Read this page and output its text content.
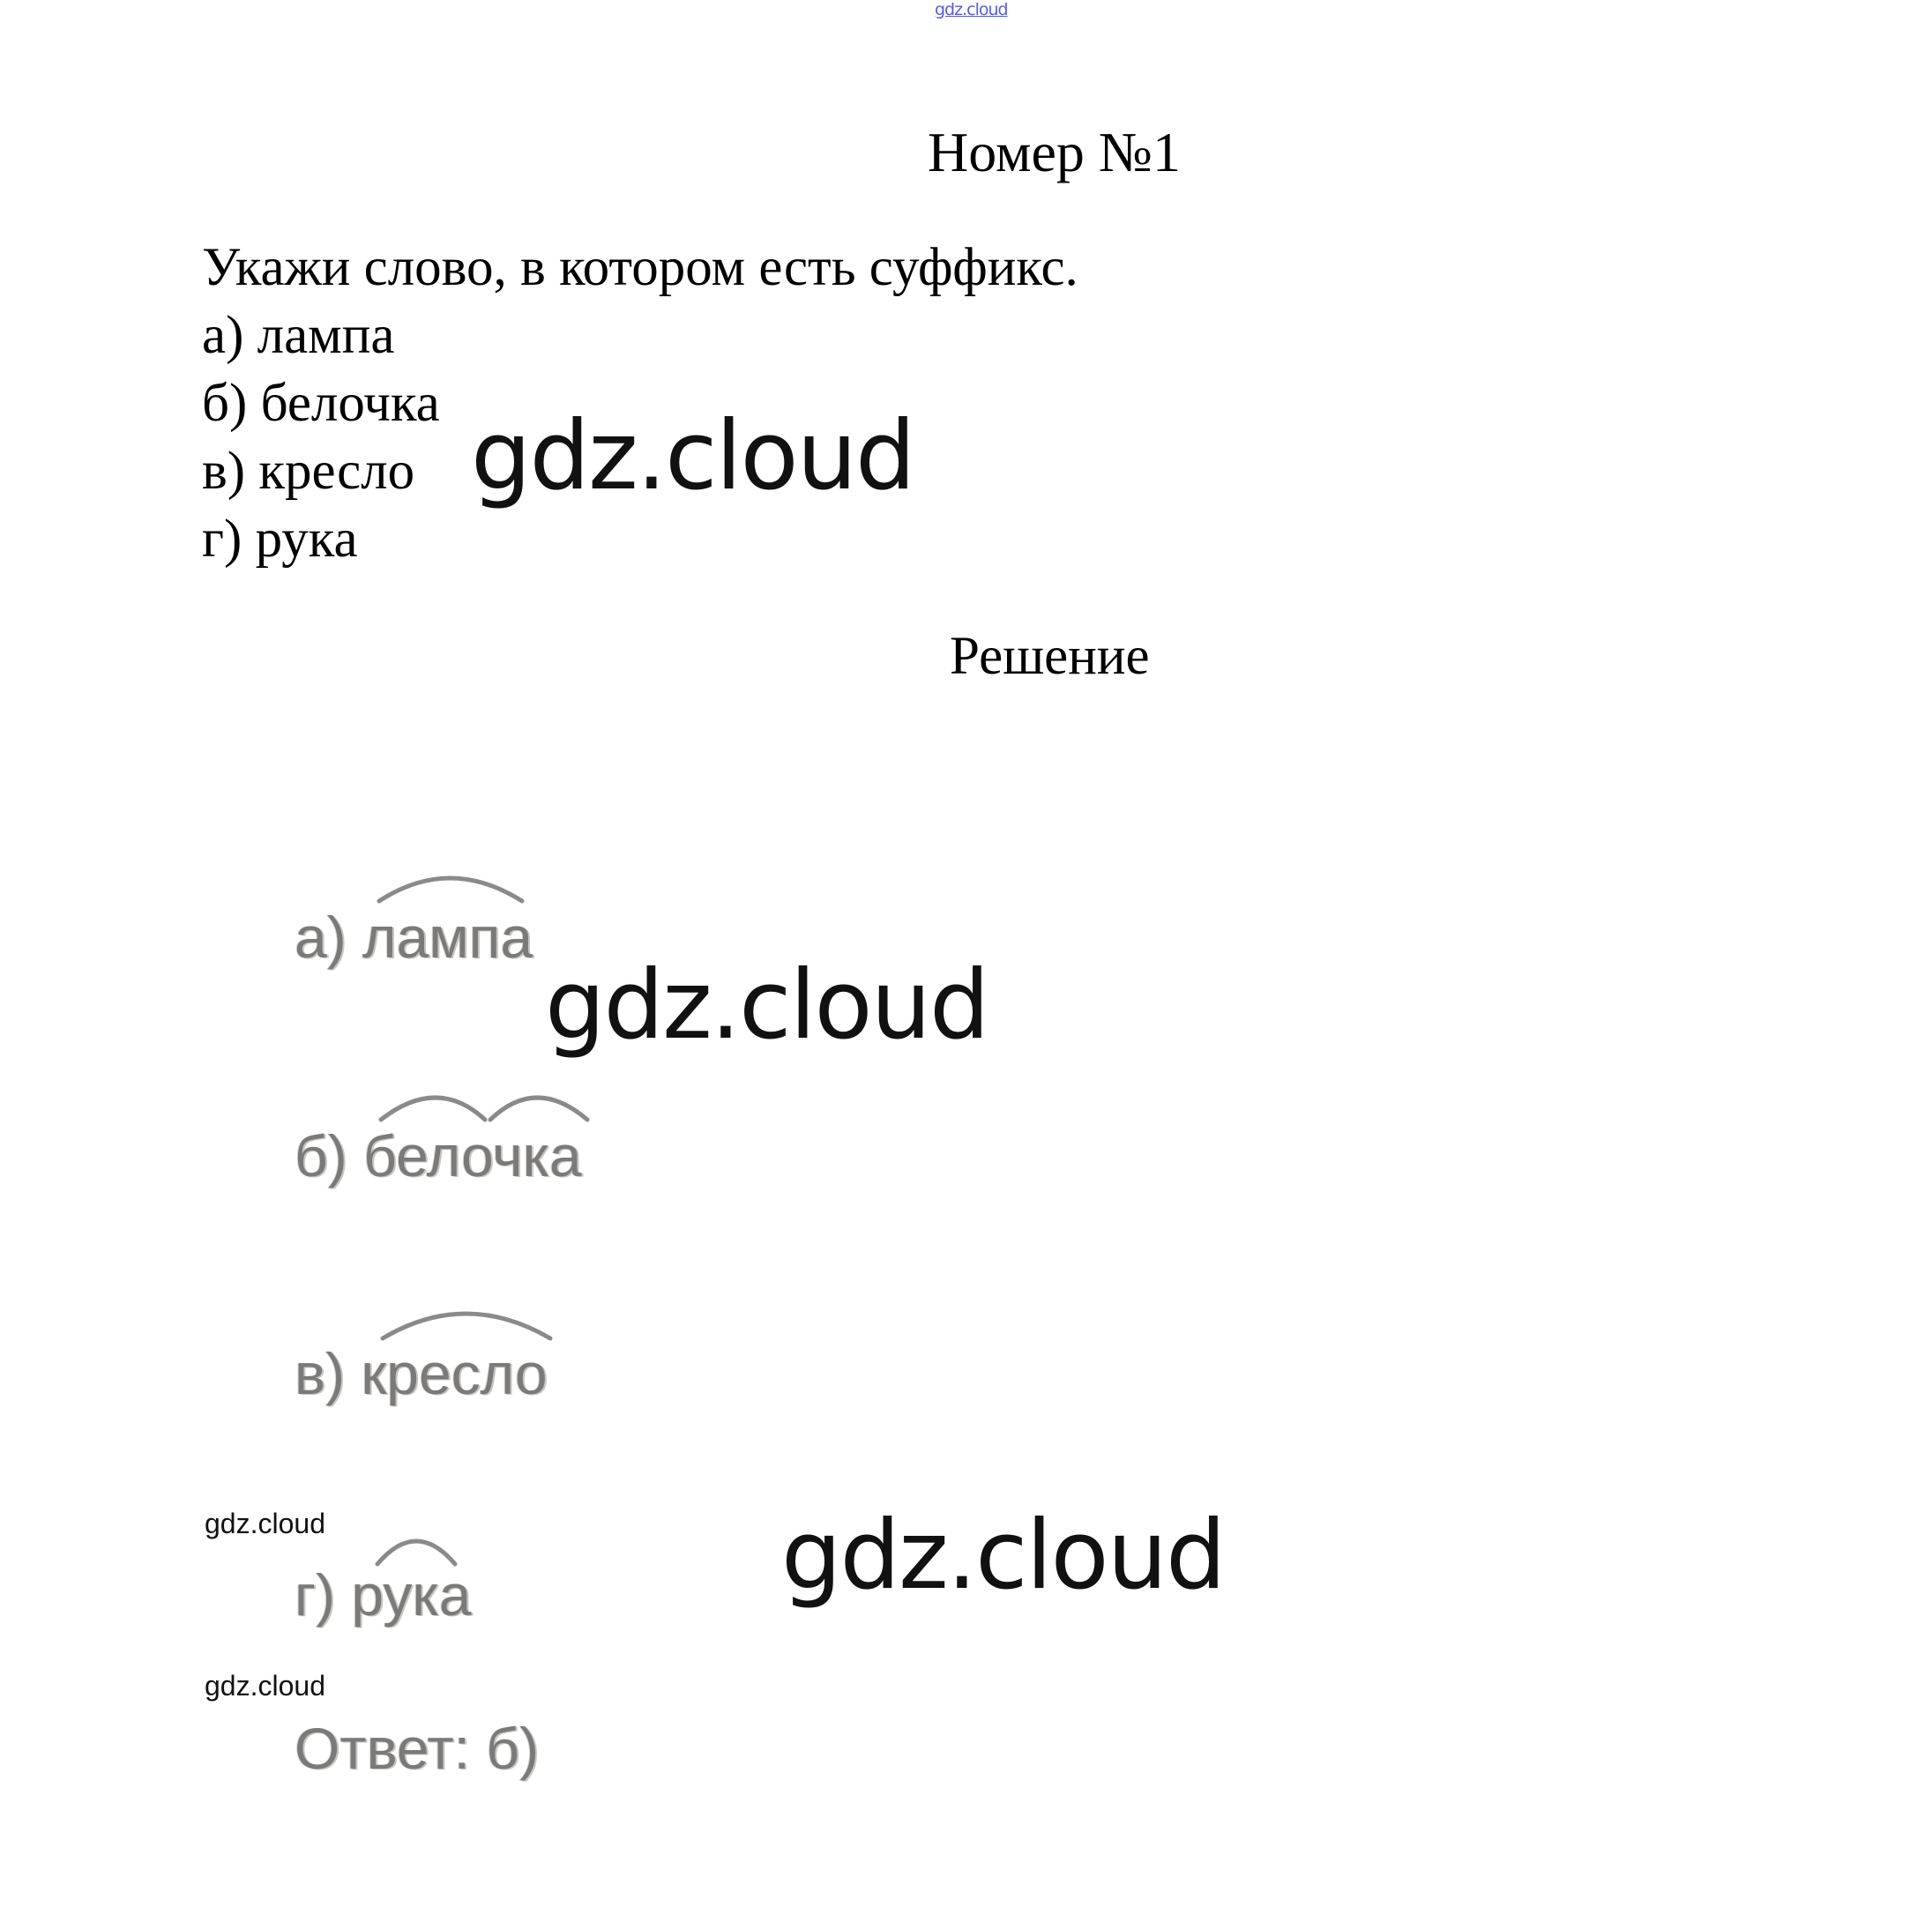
gdz.cloud
Номер №1
Укажи слово, в котором есть суффикс.
а) лампа
б) белочка
в) кресло
г) рука
gdz.cloud
Решение
а) лампа
gdz.cloud
б) белочка
в) кресло
gdz.cloud	gdz.cloud
г) рука
gdz.cloud
Ответ: б)
